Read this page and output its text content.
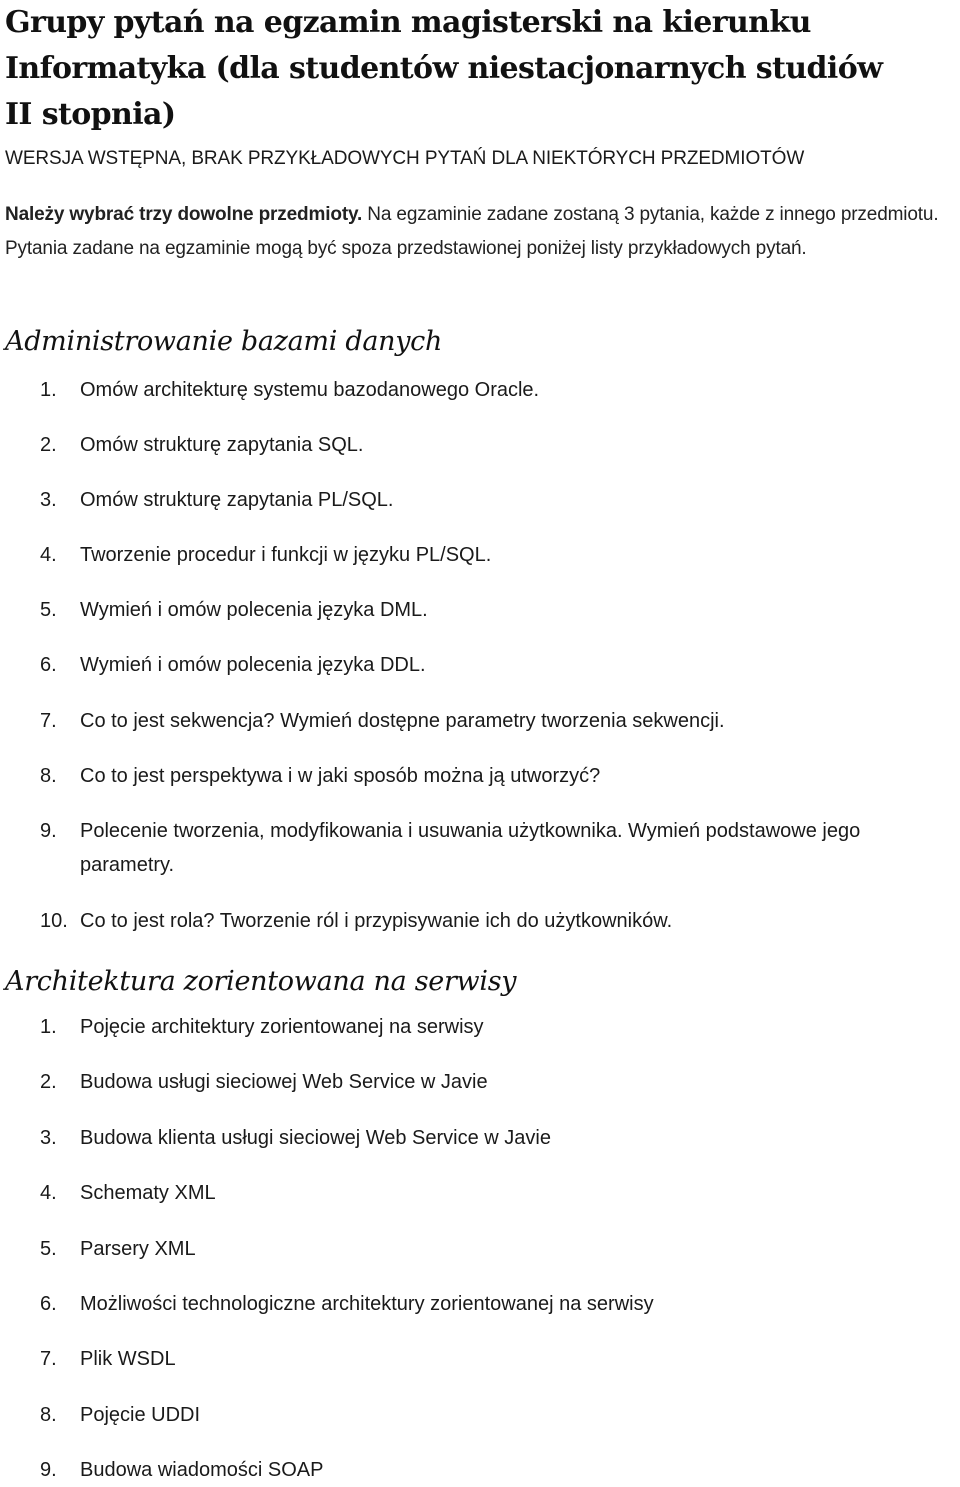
Grupy pytań na egzamin magisterski na kierunku Informatyka (dla studentów niestacjonarnych studiów II stopnia)
WERSJA WSTĘPNA, BRAK PRZYKŁADOWYCH PYTAŃ DLA NIEKTÓRYCH PRZEDMIOTÓW

Należy wybrać trzy dowolne przedmioty. Na egzaminie zadane zostaną 3 pytania, każde z innego przedmiotu. Pytania zadane na egzaminie mogą być spoza przedstawionej poniżej listy przykładowych pytań.

Administrowanie bazami danych
1.	Omów architekturę systemu bazodanowego Oracle.
2.	Omów strukturę zapytania SQL.
3.	Omów strukturę zapytania PL/SQL.
4.	Tworzenie procedur i funkcji w języku PL/SQL.
5.	Wymień i omów polecenia języka DML.
6.	Wymień i omów polecenia języka DDL.
7.	Co to jest sekwencja? Wymień dostępne parametry tworzenia sekwencji.
8.	Co to jest perspektywa i w jaki sposób można ją utworzyć?
9.	Polecenie tworzenia, modyfikowania i usuwania użytkownika. Wymień podstawowe jego
parametry.
10. Co to jest rola? Tworzenie ról i przypisywanie ich do użytkowników.
Architektura zorientowana na serwisy
1.	Pojęcie architektury zorientowanej na serwisy
2.	Budowa usługi sieciowej Web Service w Javie
3.	Budowa klienta usługi sieciowej Web Service w Javie
4.	Schematy XML
5.	Parsery XML
6.	Możliwości technologiczne architektury zorientowanej na serwisy
7.	Plik WSDL
8.	Pojęcie UDDI
9.	Budowa wiadomości SOAP
